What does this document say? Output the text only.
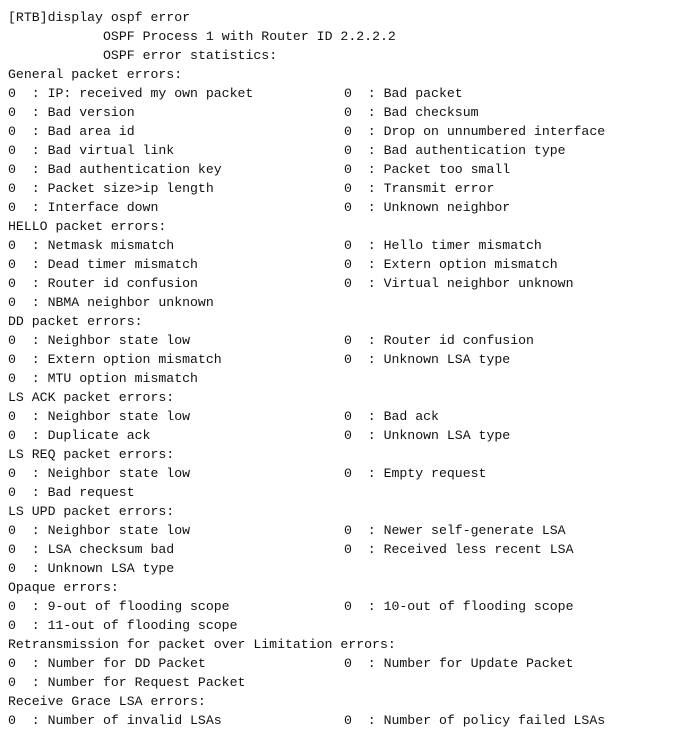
[RTB]display ospf error

OSPF Process 1 with Router ID 2.2.2.2

OSPF error statistics:

General packet errors:
0  : IP: received my own packet	0  : Bad packet
0  : Bad version	0  : Bad checksum
0  : Bad area id	0  : Drop on unnumbered interface
0  : Bad virtual link	0  : Bad authentication type
0  : Bad authentication key	0  : Packet too small
0  : Packet size>ip length	0  : Transmit error
0  : Interface down	0  : Unknown neighbor
HELLO packet errors:
0  : Netmask mismatch	0  : Hello timer mismatch
0  : Dead timer mismatch	0  : Extern option mismatch
0  : Router id confusion	0  : Virtual neighbor unknown
0  : NBMA neighbor unknown
DD packet errors:
0  : Neighbor state low	0  : Router id confusion
0  : Extern option mismatch	0  : Unknown LSA type
0  : MTU option mismatch
LS ACK packet errors:
0  : Neighbor state low	0  : Bad ack
0  : Duplicate ack	0  : Unknown LSA type
LS REQ packet errors:
0  : Neighbor state low	0  : Empty request
0  : Bad request
LS UPD packet errors:
0  : Neighbor state low	0  : Newer self-generate LSA
0  : LSA checksum bad	0  : Received less recent LSA
0  : Unknown LSA type
Opaque errors:
0  : 9-out of flooding scope	0  : 10-out of flooding scope
0  : 11-out of flooding scope
Retransmission for packet over Limitation errors:
0  : Number for DD Packet	0  : Number for Update Packet
0  : Number for Request Packet
Receive Grace LSA errors:
0  : Number of invalid LSAs	0  : Number of policy failed LSAs
